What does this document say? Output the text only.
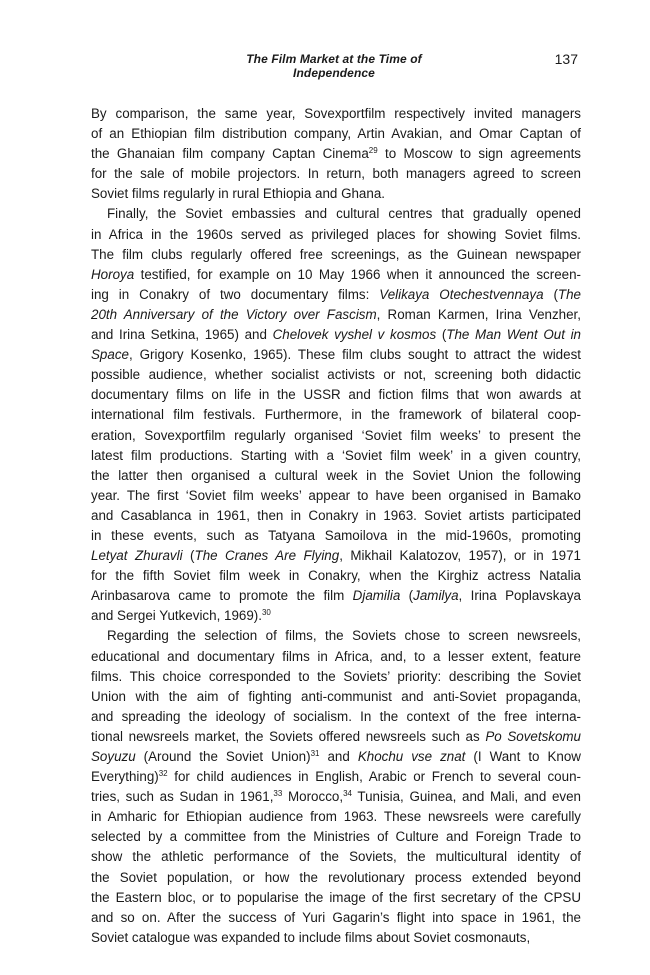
The Film Market at the Time of Independence
137
By comparison, the same year, Sovexportfilm respectively invited managers
of an Ethiopian film distribution company, Artin Avakian, and Omar Captan of
the Ghanaian film company Captan Cinema$^{29}$ to Moscow to sign agreements
for the sale of mobile projectors. In return, both managers agreed to screen
Soviet films regularly in rural Ethiopia and Ghana.
Finally, the Soviet embassies and cultural centres that gradually opened
in Africa in the 1960s served as privileged places for showing Soviet films.
The film clubs regularly offered free screenings, as the Guinean newspaper
Horoya testified, for example on 10 May 1966 when it announced the screen-
ing in Conakry of two documentary films: Velikaya Otechestvennaya (The
20th Anniversary of the Victory over Fascism, Roman Karmen, Irina Venzher,
and Irina Setkina, 1965) and Chelovek vyshel v kosmos (The Man Went Out in
Space, Grigory Kosenko, 1965). These film clubs sought to attract the widest
possible audience, whether socialist activists or not, screening both didactic
documentary films on life in the USSR and fiction films that won awards at
international film festivals. Furthermore, in the framework of bilateral coop-
eration, Sovexportfilm regularly organised ‘Soviet film weeks’ to present the
latest film productions. Starting with a ‘Soviet film week’ in a given country,
the latter then organised a cultural week in the Soviet Union the following
year. The first ‘Soviet film weeks’ appear to have been organised in Bamako
and Casablanca in 1961, then in Conakry in 1963. Soviet artists participated
in these events, such as Tatyana Samoilova in the mid-1960s, promoting
Letyat Zhuravli (The Cranes Are Flying, Mikhail Kalatozov, 1957), or in 1971
for the fifth Soviet film week in Conakry, when the Kirghiz actress Natalia
Arinbasarova came to promote the film Djamilia (Jamilya, Irina Poplavskaya
and Sergei Yutkevich, 1969).$^{30}$
Regarding the selection of films, the Soviets chose to screen newsreels,
educational and documentary films in Africa, and, to a lesser extent, feature
films. This choice corresponded to the Soviets’ priority: describing the Soviet
Union with the aim of fighting anti-communist and anti-Soviet propaganda,
and spreading the ideology of socialism. In the context of the free interna-
tional newsreels market, the Soviets offered newsreels such as Po Sovetskomu
Soyuzu (Around the Soviet Union)$^{31}$ and Khochu vse znat (I Want to Know
Everything)$^{32}$ for child audiences in English, Arabic or French to several coun-
tries, such as Sudan in 1961,33 Morocco,$^{34}$ Tunisia, Guinea, and Mali, and even
in Amharic for Ethiopian audience from 1963. These newsreels were carefully
selected by a committee from the Ministries of Culture and Foreign Trade to
show the athletic performance of the Soviets, the multicultural identity of
the Soviet population, or how the revolutionary process extended beyond
the Eastern bloc, or to popularise the image of the first secretary of the CPSU
and so on. After the success of Yuri Gagarin’s flight into space in 1961, the
Soviet catalogue was expanded to include films about Soviet cosmonauts,
